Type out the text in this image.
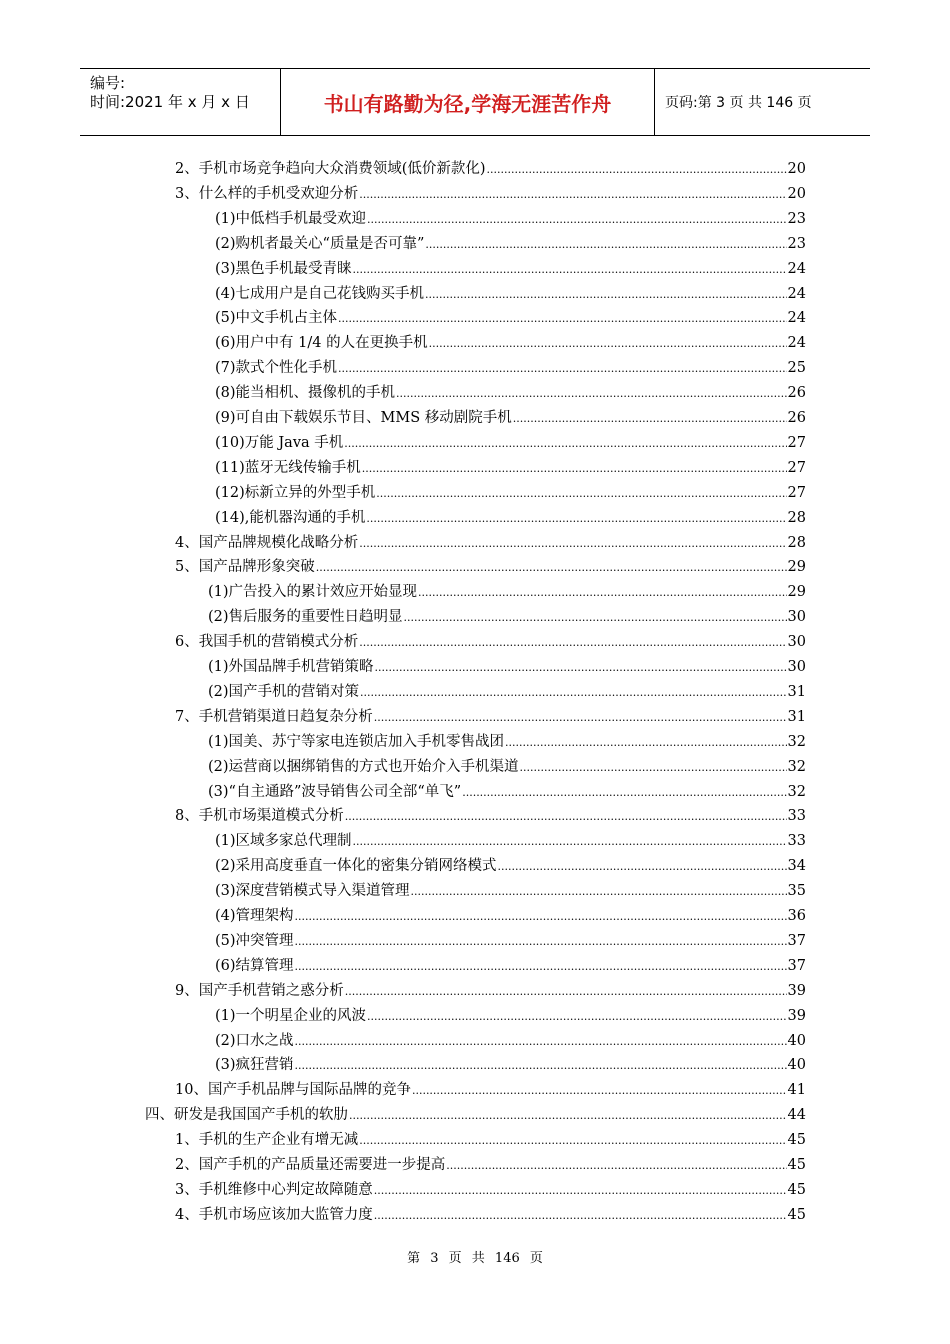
编号:
时间:2021 年 x 月 x 日	书山有路勤为径,学海无涯苦作舟	页码:第 3 页 共 146 页
2、手机市场竞争趋向大众消费领域(低价新款化) .....	20
3、什么样的手机受欢迎分析 .....	20
(1)中低档手机最受欢迎 .....	23
(2)购机者最关心“质量是否可靠” .....	23
(3)黑色手机最受青睐 .....	24
(4)七成用户是自己花钱购买手机 .....	24
(5)中文手机占主体 .....	24
(6)用户中有 1/4 的人在更换手机 .....	24
(7)款式个性化手机 .....	25
(8)能当相机、摄像机的手机 .....	26
(9)可自由下载娱乐节目、MMS 移动剧院手机 .....	26
(10)万能 Java 手机 .....	27
(11)蓝牙无线传输手机 .....	27
(12)标新立异的外型手机 .....	27
(14),能机器沟通的手机 .....	28
4、国产品牌规模化战略分析 .....	28
5、国产品牌形象突破 .....	29
(1)广告投入的累计效应开始显现 .....	29
(2)售后服务的重要性日趋明显 .....	30
6、我国手机的营销模式分析 .....	30
(1)外国品牌手机营销策略 .....	30
(2)国产手机的营销对策 .....	31
7、手机营销渠道日趋复杂分析 .....	31
(1)国美、苏宁等家电连锁店加入手机零售战团 .....	32
(2)运营商以捆绑销售的方式也开始介入手机渠道 .....	32
(3)“自主通路”波导销售公司全部“单飞” .....	32
8、手机市场渠道模式分析 .....	33
(1)区域多家总代理制 .....	33
(2)采用高度垂直一体化的密集分销网络模式 .....	34
(3)深度营销模式导入渠道管理 .....	35
(4)管理架构 .....	36
(5)冲突管理 .....	37
(6)结算管理 .....	37
9、国产手机营销之惑分析 .....	39
(1)一个明星企业的风波 .....	39
(2)口水之战 .....	40
(3)疯狂营销 .....	40
10、国产手机品牌与国际品牌的竞争 .....	41
四、研发是我国国产手机的软肋 .....	44
1、手机的生产企业有增无减 .....	45
2、国产手机的产品质量还需要进一步提高 .....	45
3、手机维修中心判定故障随意 .....	45
4、手机市场应该加大监管力度 .....	45
第 3 页 共 146 页
